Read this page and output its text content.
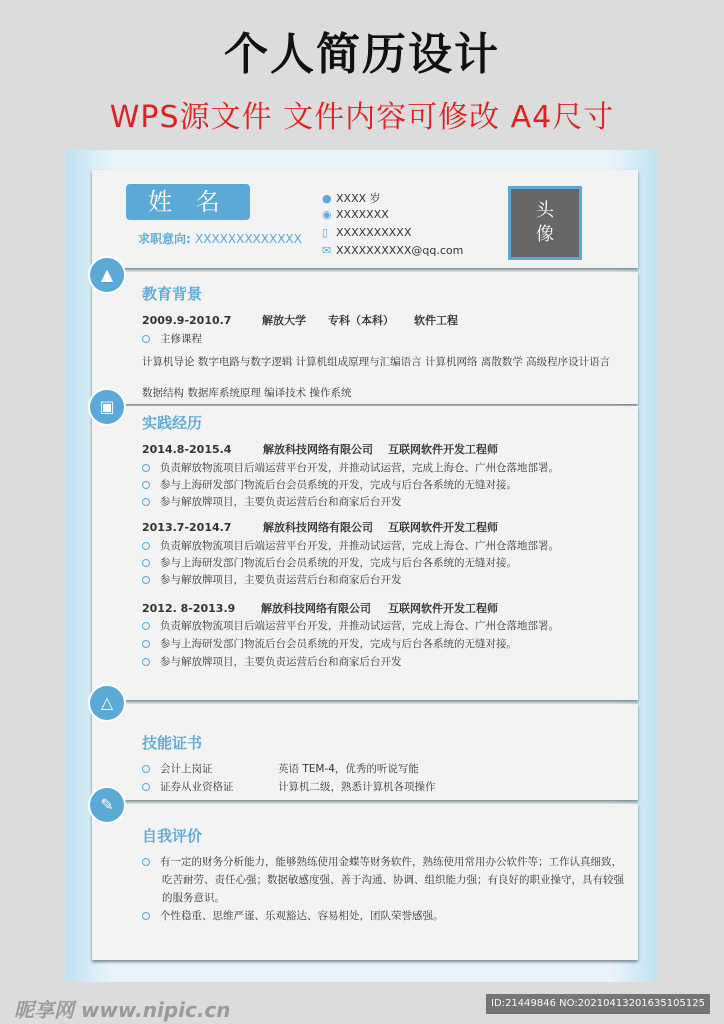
个人简历设计
WPS源文件 文件内容可修改 A4尺寸
姓 名
求职意向: XXXXXXXXXXXXX
● XXXX 岁
◉ XXXXXXX
▯ XXXXXXXXXX
✉ XXXXXXXXXX@qq.com
头
像
▲
▣
△
✎
教育背景
2009.9-2010.7	解放大学 专科（本科） 软件工程
主修课程
计算机导论 数字电路与数字逻辑 计算机组成原理与汇编语言 计算机网络 离散数学 高级程序设计语言
数据结构 数据库系统原理 编译技术 操作系统
实践经历
2014.8-2015.4	解放科技网络有限公司 互联网软件开发工程师
负责解放物流项目后端运营平台开发，并推动试运营，完成上海仓、广州仓落地部署。
参与上海研发部门物流后台会员系统的开发，完成与后台各系统的无缝对接。
参与解放牌项目，主要负责运营后台和商家后台开发
2013.7-2014.7	解放科技网络有限公司 互联网软件开发工程师
负责解放物流项目后端运营平台开发，并推动试运营，完成上海仓、广州仓落地部署。
参与上海研发部门物流后台会员系统的开发，完成与后台各系统的无缝对接。
参与解放牌项目，主要负责运营后台和商家后台开发
2012. 8-2013.9 解放科技网络有限公司 互联网软件开发工程师
负责解放物流项目后端运营平台开发，并推动试运营，完成上海仓、广州仓落地部署。
参与上海研发部门物流后台会员系统的开发，完成与后台各系统的无缝对接。
参与解放牌项目，主要负责运营后台和商家后台开发
技能证书
会计上岗证	英语 TEM-4，优秀的听说写能
证券从业资格证	计算机二级，熟悉计算机各项操作
自我评价
有一定的财务分析能力，能够熟练使用金蝶等财务软件，熟练使用常用办公软件等；工作认真细致，
吃苦耐劳、责任心强；数据敏感度强、善于沟通、协调、组织能力强；有良好的职业操守，具有较强
的服务意识。
个性稳重、思维严谨、乐观豁达、容易相处，团队荣誉感强。
昵享网 www.nipic.cn	ID:21449846 NO:20210413201635105125
